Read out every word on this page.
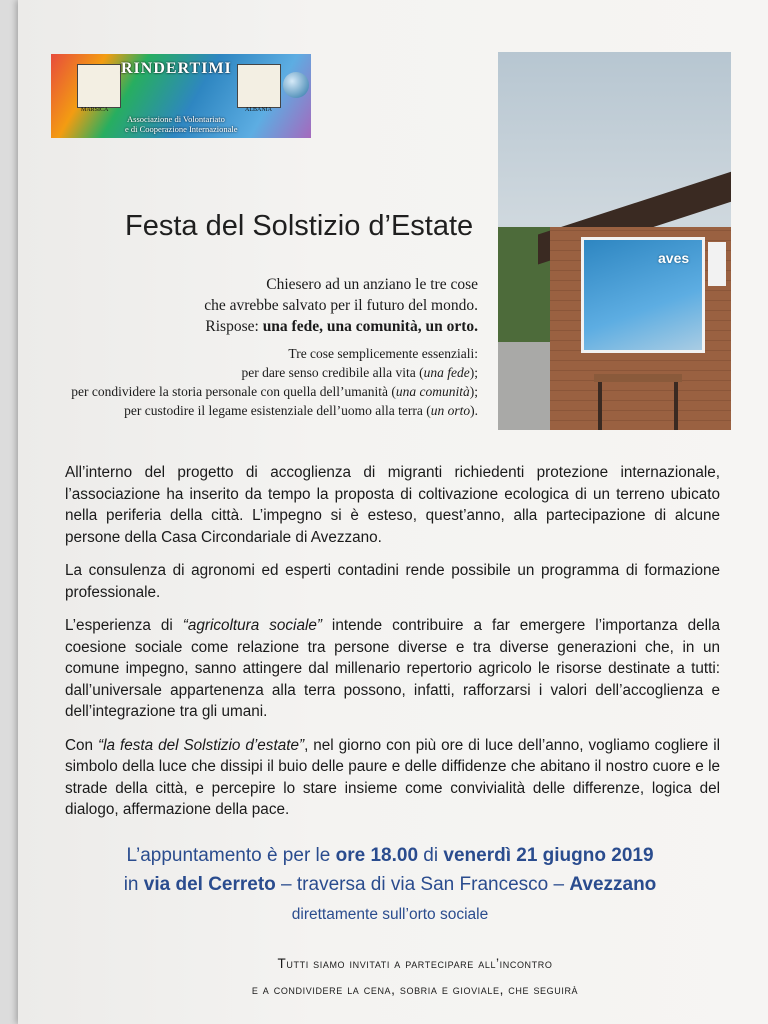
MARSICA	ALBANIA
RINDERTIMI
Associazione di Volontariato
e di Cooperazione Internazionale
aves
Festa del Solstizio d’Estate
Chiesero ad un anziano le tre cose
che avrebbe salvato per il futuro del mondo.
Rispose: una fede, una comunità, un orto.
Tre cose semplicemente essenziali:
per dare senso credibile alla vita (una fede);
per condividere la storia personale con quella dell’umanità (una comunità);
per custodire il legame esistenziale dell’uomo alla terra (un orto).

All’interno del progetto di accoglienza di migranti richiedenti protezione internazionale, l’associazione ha inserito da tempo la proposta di coltivazione ecologica di un terreno ubicato nella periferia della città. L’impegno si è esteso, quest’anno, alla partecipazione di alcune persone della Casa Circondariale di Avezzano.

La consulenza di agronomi ed esperti contadini rende possibile un programma di formazione professionale.

L’esperienza di “agricoltura sociale” intende contribuire a far emergere l’importanza della coesione sociale come relazione tra persone diverse e tra diverse generazioni che, in un comune impegno, sanno attingere dal millenario repertorio agricolo le risorse destinate a tutti: dall’universale appartenenza alla terra possono, infatti, rafforzarsi i valori dell’accoglienza e dell’integrazione tra gli umani.

Con “la festa del Solstizio d’estate”, nel giorno con più ore di luce dell’anno, vogliamo cogliere il simbolo della luce che dissipi il buio delle paure e delle diffidenze che abitano il nostro cuore e le strade della città, e percepire lo stare insieme come convivialità delle differenze, logica del dialogo, affermazione della pace.

L’appuntamento è per le ore 18.00 di venerdì 21 giugno 2019
in via del Cerreto – traversa di via San Francesco – Avezzano
direttamente sull’orto sociale
Tutti siamo invitati a partecipare all’incontro
e a condividere la cena, sobria e gioviale, che seguirà
